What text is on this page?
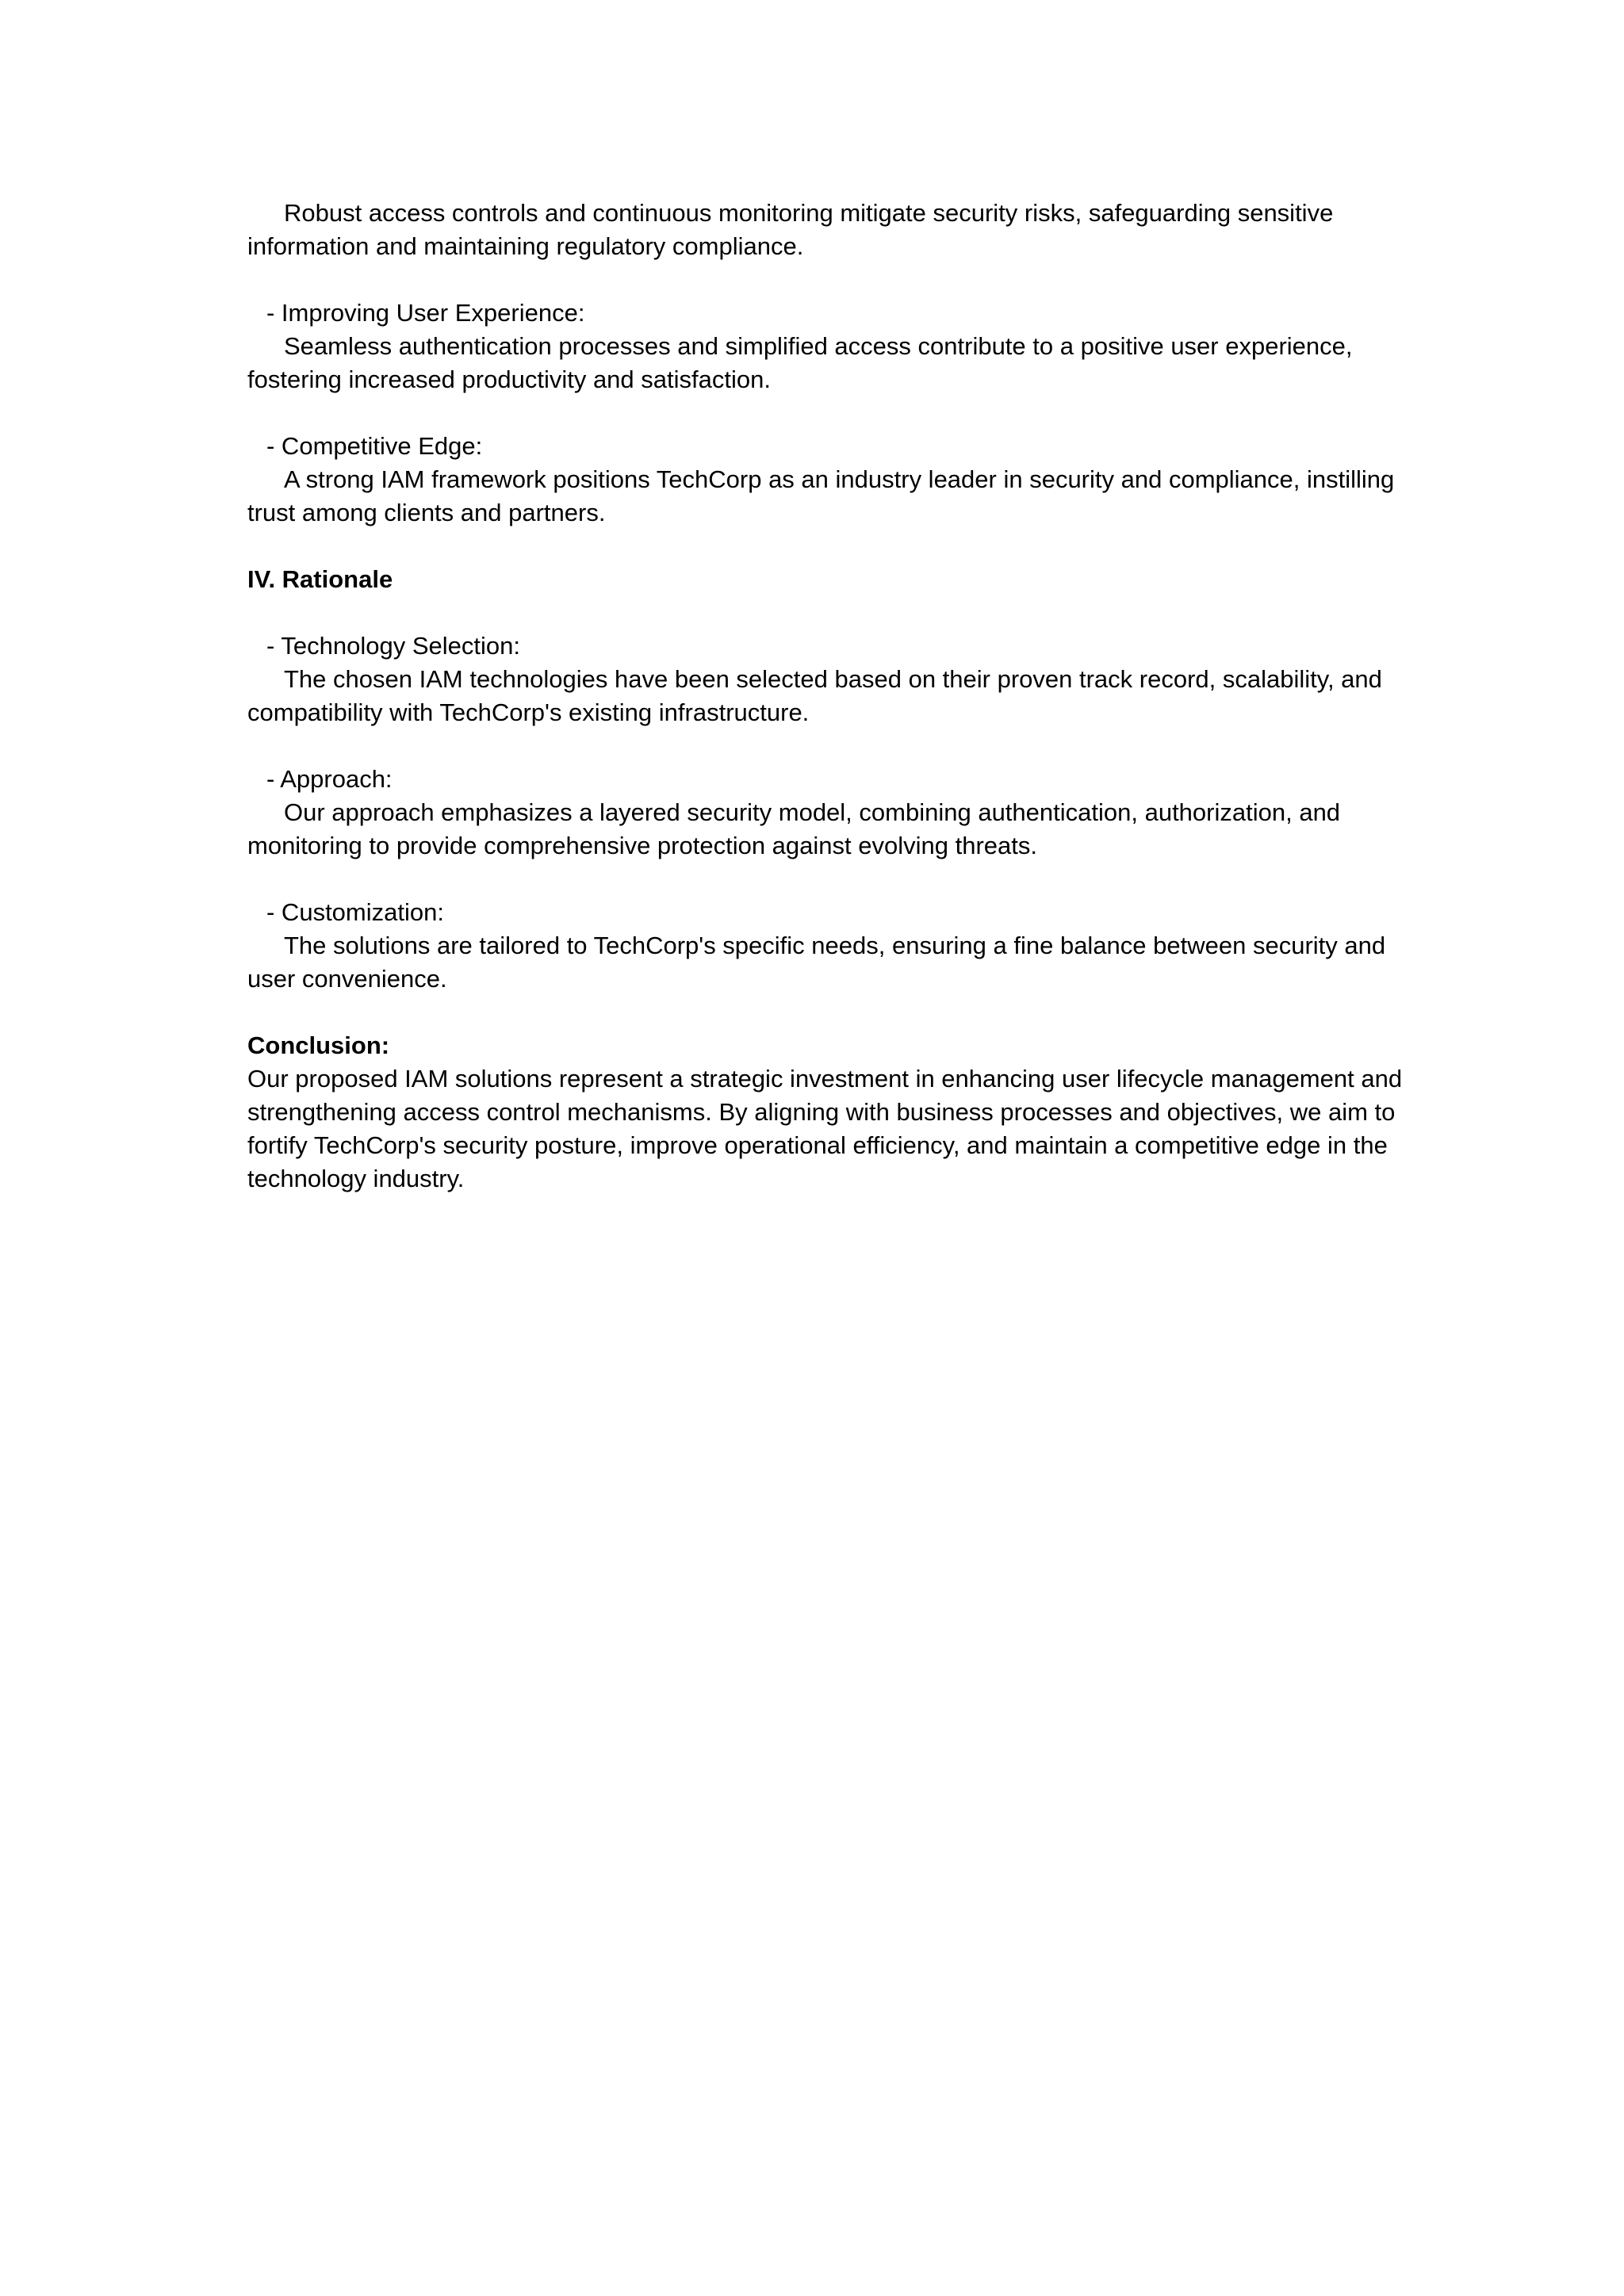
Robust access controls and continuous monitoring mitigate security risks, safeguarding sensitive information and maintaining regulatory compliance.

- Improving User Experience:

Seamless authentication processes and simplified access contribute to a positive user experience, fostering increased productivity and satisfaction.

- Competitive Edge:

A strong IAM framework positions TechCorp as an industry leader in security and compliance, instilling trust among clients and partners.

IV. Rationale

- Technology Selection:

The chosen IAM technologies have been selected based on their proven track record, scalability, and compatibility with TechCorp's existing infrastructure.

- Approach:

Our approach emphasizes a layered security model, combining authentication, authorization, and monitoring to provide comprehensive protection against evolving threats.

- Customization:

The solutions are tailored to TechCorp's specific needs, ensuring a fine balance between security and user convenience.

Conclusion:

Our proposed IAM solutions represent a strategic investment in enhancing user lifecycle management and strengthening access control mechanisms. By aligning with business processes and objectives, we aim to fortify TechCorp's security posture, improve operational efficiency, and maintain a competitive edge in the technology industry.
